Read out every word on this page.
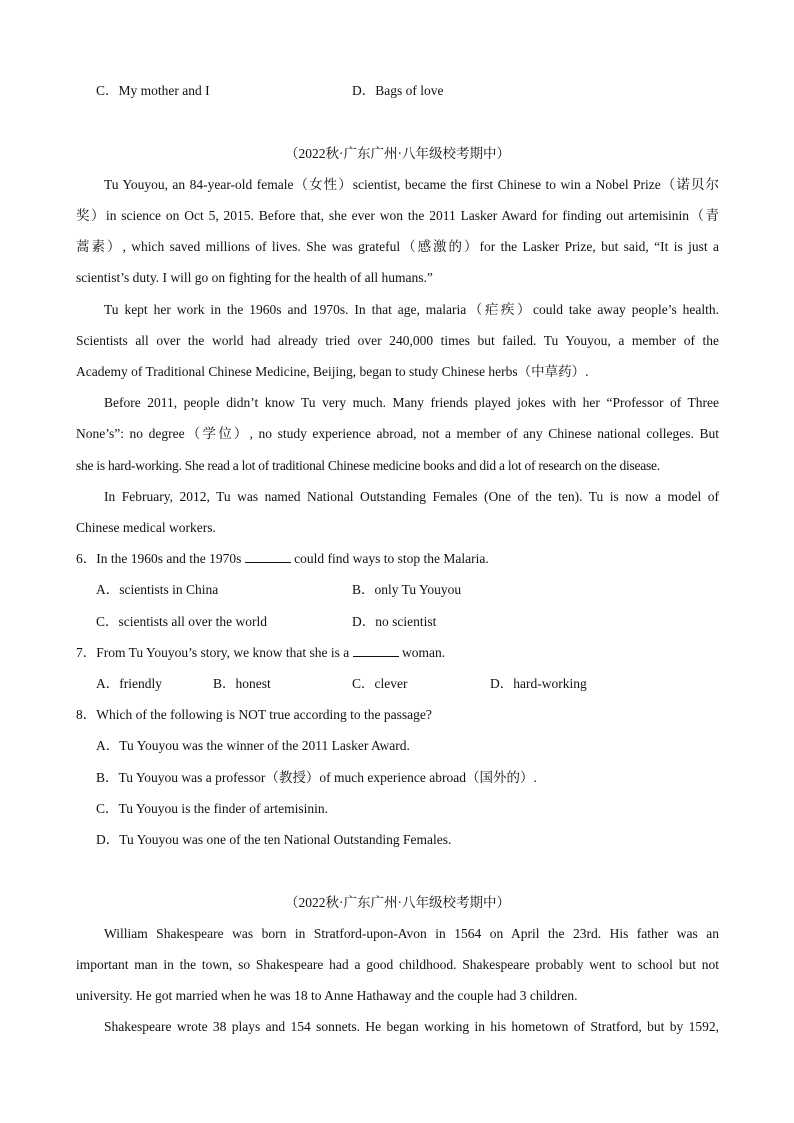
C．My mother and I	D．Bags of love
（2022秋·广东广州·八年级校考期中）
Tu Youyou, an 84-year-old female（女性）scientist, became the first Chinese to win a Nobel Prize（诺贝尔
奖）in science on Oct 5, 2015. Before that, she ever won the 2011 Lasker Award for finding out artemisinin（青
蒿素）, which saved millions of lives. She was grateful（感激的）for the Lasker Prize, but said, “It is just a
scientist’s duty. I will go on fighting for the health of all humans.”
Tu kept her work in the 1960s and 1970s. In that age, malaria（疟疾）could take away people’s health.
Scientists all over the world had already tried over 240,000 times but failed. Tu Youyou, a member of the
Academy of Traditional Chinese Medicine, Beijing, began to study Chinese herbs（中草药）.
Before 2011, people didn’t know Tu very much. Many friends played jokes with her “Professor of Three
None’s”: no degree（学位）, no study experience abroad, not a member of any Chinese national colleges. But
she is hard-working. She read a lot of traditional Chinese medicine books and did a lot of research on the disease.
In February, 2012, Tu was named National Outstanding Females (One of the ten). Tu is now a model of
Chinese medical workers.
6．In the 1960s and the 1970s	could find ways to stop the Malaria.
A．scientists in China	B．only Tu Youyou
C．scientists all over the world	D．no scientist
7．From Tu Youyou’s story, we know that she is a	woman.
A．friendly	B．honest	C．clever	D．hard-working
8．Which of the following is NOT true according to the passage?
A．Tu Youyou was the winner of the 2011 Lasker Award.
B．Tu Youyou was a professor（教授）of much experience abroad（国外的）.
C．Tu Youyou is the finder of artemisinin.
D．Tu Youyou was one of the ten National Outstanding Females.
（2022秋·广东广州·八年级校考期中）
William Shakespeare was born in Stratford-upon-Avon in 1564 on April the 23rd. His father was an
important man in the town, so Shakespeare had a good childhood. Shakespeare probably went to school but not
university. He got married when he was 18 to Anne Hathaway and the couple had 3 children.
Shakespeare wrote 38 plays and 154 sonnets. He began working in his hometown of Stratford, but by 1592,
